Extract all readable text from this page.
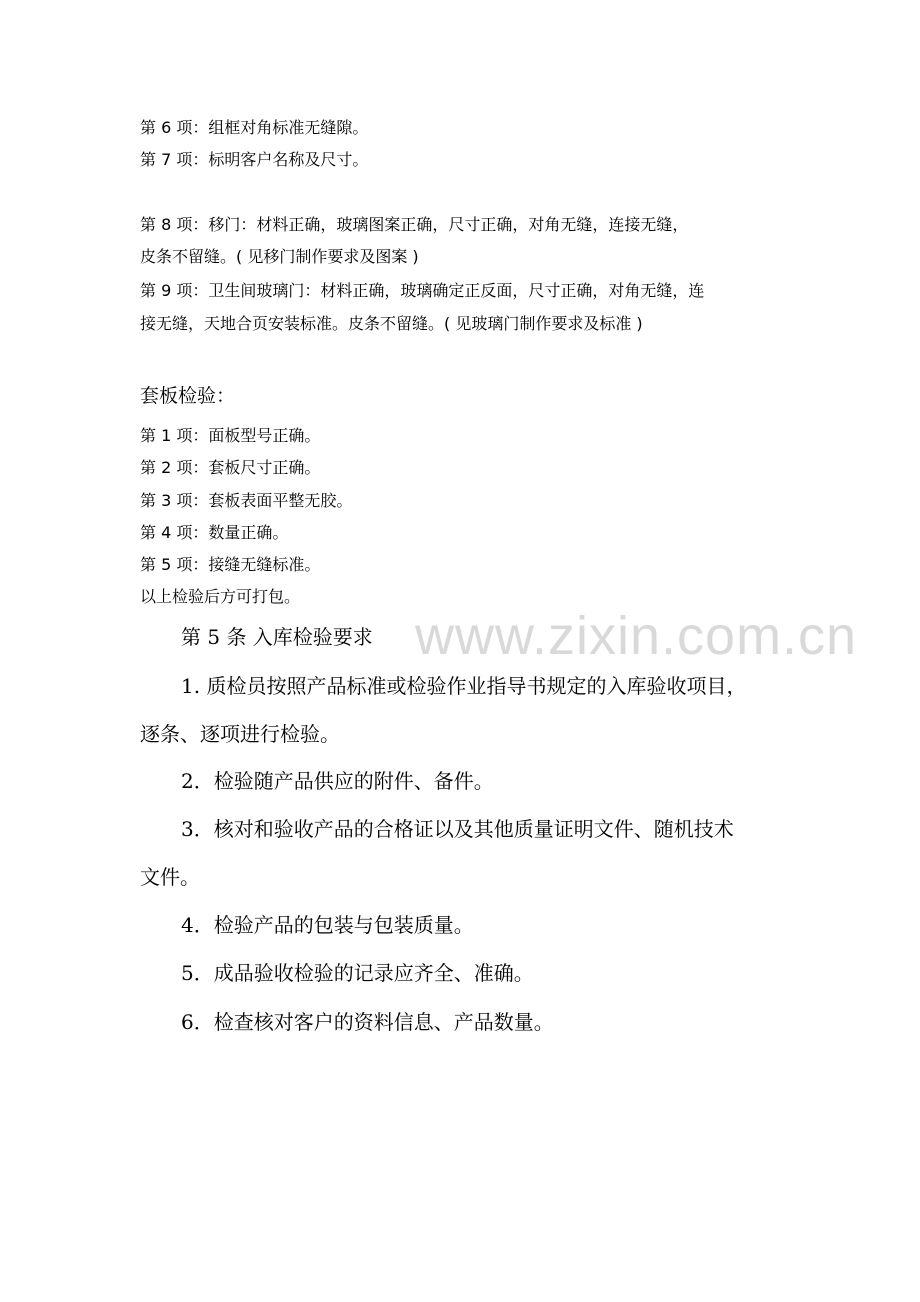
www.zixin.com.cn
第 6 项：组框对角标准无缝隙。
第 7 项：标明客户名称及尺寸。
第 8 项：移门：材料正确，玻璃图案正确，尺寸正确，对角无缝，连接无缝，
皮条不留缝。( 见移门制作要求及图案 )
第 9 项：卫生间玻璃门：材料正确，玻璃确定正反面，尺寸正确，对角无缝，连
接无缝，天地合页安装标准。皮条不留缝。( 见玻璃门制作要求及标准 )
套板检验：
第 1 项：面板型号正确。
第 2 项：套板尺寸正确。
第 3 项：套板表面平整无胶。
第 4 项：数量正确。
第 5 项：接缝无缝标准。
以上检验后方可打包。
第 5 条 入库检验要求
1. 质检员按照产品标准或检验作业指导书规定的入库验收项目，
逐条、逐项进行检验。
2．检验随产品供应的附件、备件。
3．核对和验收产品的合格证以及其他质量证明文件、随机技术
文件。
4．检验产品的包装与包装质量。
5．成品验收检验的记录应齐全、准确。
6．检查核对客户的资料信息、产品数量。
